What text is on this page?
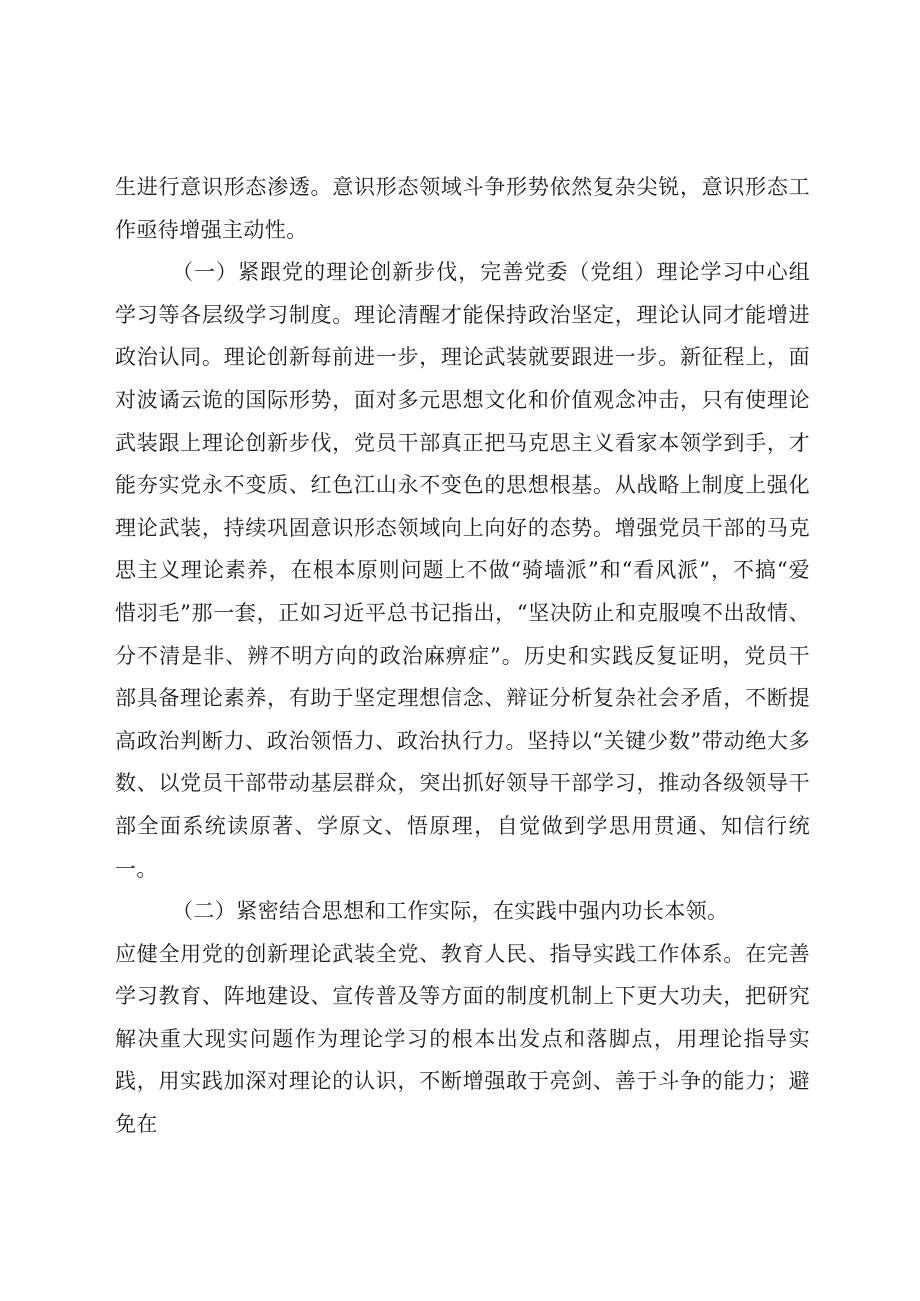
生进行意识形态渗透。意识形态领域斗争形势依然复杂尖锐，意识形态工作亟待增强主动性。

（一）紧跟党的理论创新步伐，完善党委（党组）理论学习中心组学习等各层级学习制度。理论清醒才能保持政治坚定，理论认同才能增进政治认同。理论创新每前进一步，理论武装就要跟进一步。新征程上，面对波谲云诡的国际形势，面对多元思想文化和价值观念冲击，只有使理论武装跟上理论创新步伐，党员干部真正把马克思主义看家本领学到手，才能夯实党永不变质、红色江山永不变色的思想根基。从战略上制度上强化理论武装，持续巩固意识形态领域向上向好的态势。增强党员干部的马克思主义理论素养，在根本原则问题上不做“骑墙派”和“看风派”，不搞“爱惜羽毛”那一套，正如习近平总书记指出，“坚决防止和克服嗅不出敌情、分不清是非、辨不明方向的政治麻痹症”。历史和实践反复证明，党员干部具备理论素养，有助于坚定理想信念、辩证分析复杂社会矛盾，不断提高政治判断力、政治领悟力、政治执行力。坚持以“关键少数”带动绝大多数、以党员干部带动基层群众，突出抓好领导干部学习，推动各级领导干部全面系统读原著、学原文、悟原理，自觉做到学思用贯通、知信行统一。

（二）紧密结合思想和工作实际，在实践中强内功长本领。

应健全用党的创新理论武装全党、教育人民、指导实践工作体系。在完善学习教育、阵地建设、宣传普及等方面的制度机制上下更大功夫，把研究解决重大现实问题作为理论学习的根本出发点和落脚点，用理论指导实践，用实践加深对理论的认识，不断增强敢于亮剑、善于斗争的能力；避免在
